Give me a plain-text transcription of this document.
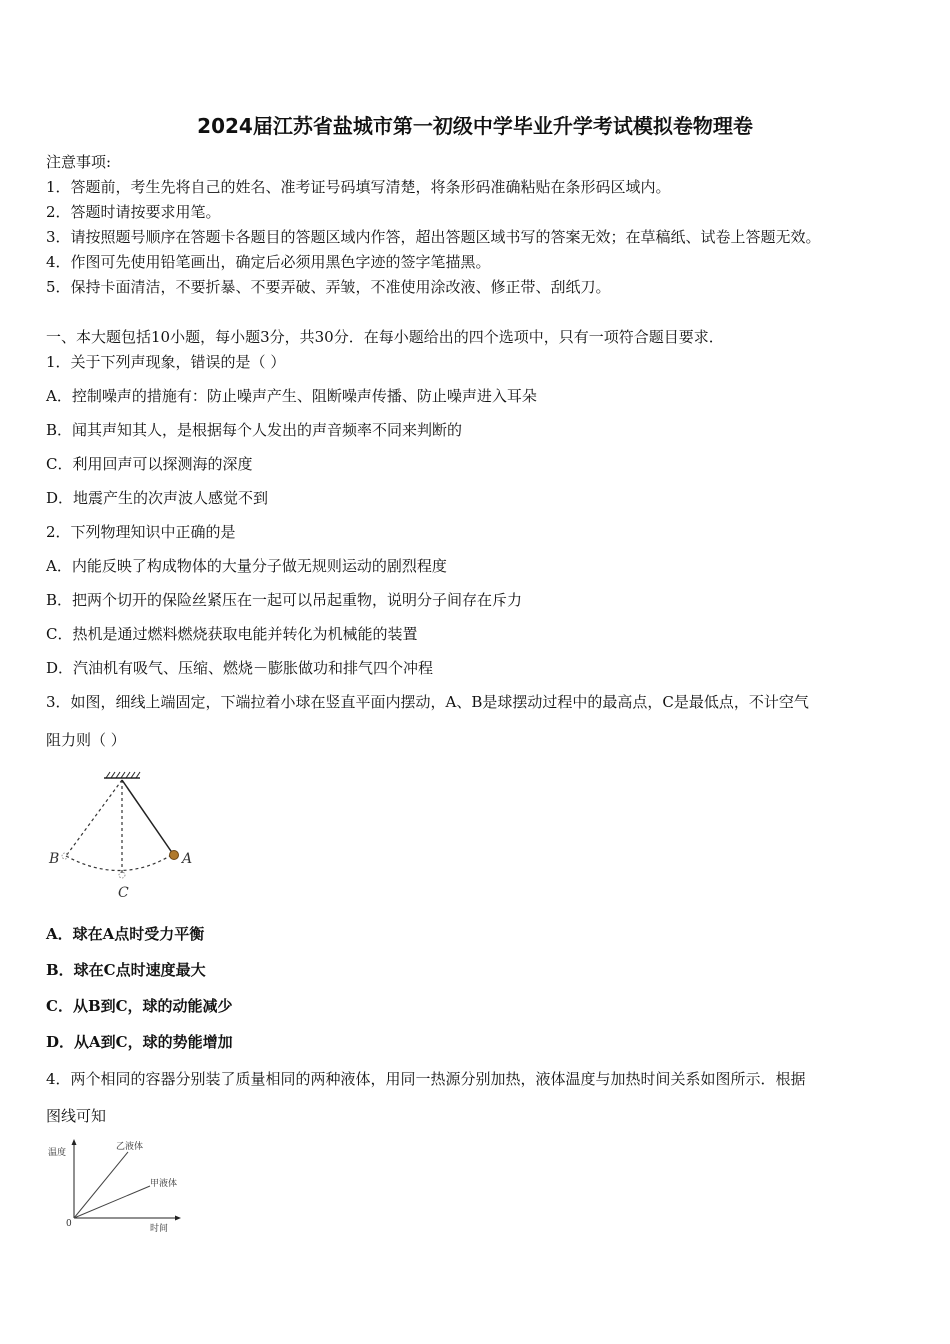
2024届江苏省盐城市第一初级中学毕业升学考试模拟卷物理卷
注意事项:
1．答题前，考生先将自己的姓名、准考证号码填写清楚，将条形码准确粘贴在条形码区域内。
2．答题时请按要求用笔。
3．请按照题号顺序在答题卡各题目的答题区域内作答，超出答题区域书写的答案无效；在草稿纸、试卷上答题无效。
4．作图可先使用铅笔画出，确定后必须用黑色字迹的签字笔描黑。
5．保持卡面清洁，不要折暴、不要弄破、弄皱，不准使用涂改液、修正带、刮纸刀。
一、本大题包括10小题，每小题3分，共30分．在每小题给出的四个选项中，只有一项符合题目要求．
1．关于下列声现象，错误的是（ ）
A．控制噪声的措施有：防止噪声产生、阻断噪声传播、防止噪声进入耳朵
B．闻其声知其人，是根据每个人发出的声音频率不同来判断的
C．利用回声可以探测海的深度
D．地震产生的次声波人感觉不到
2．下列物理知识中正确的是
A．内能反映了构成物体的大量分子做无规则运动的剧烈程度
B．把两个切开的保险丝紧压在一起可以吊起重物，说明分子间存在斥力
C．热机是通过燃料燃烧获取电能并转化为机械能的装置
D．汽油机有吸气、压缩、燃烧－膨胀做功和排气四个冲程
3．如图，细线上端固定，下端拉着小球在竖直平面内摆动，A、B是球摆动过程中的最高点，C是最低点，不计空气
阻力则（ ）
B	A
C
A．球在A点时受力平衡
B．球在C点时速度最大
C．从B到C，球的动能减少
D．从A到C，球的势能增加
4．两个相同的容器分别装了质量相同的两种液体，用同一热源分别加热，液体温度与加热时间关系如图所示．根据
图线可知
温度
时间
0
乙液体
甲液体
